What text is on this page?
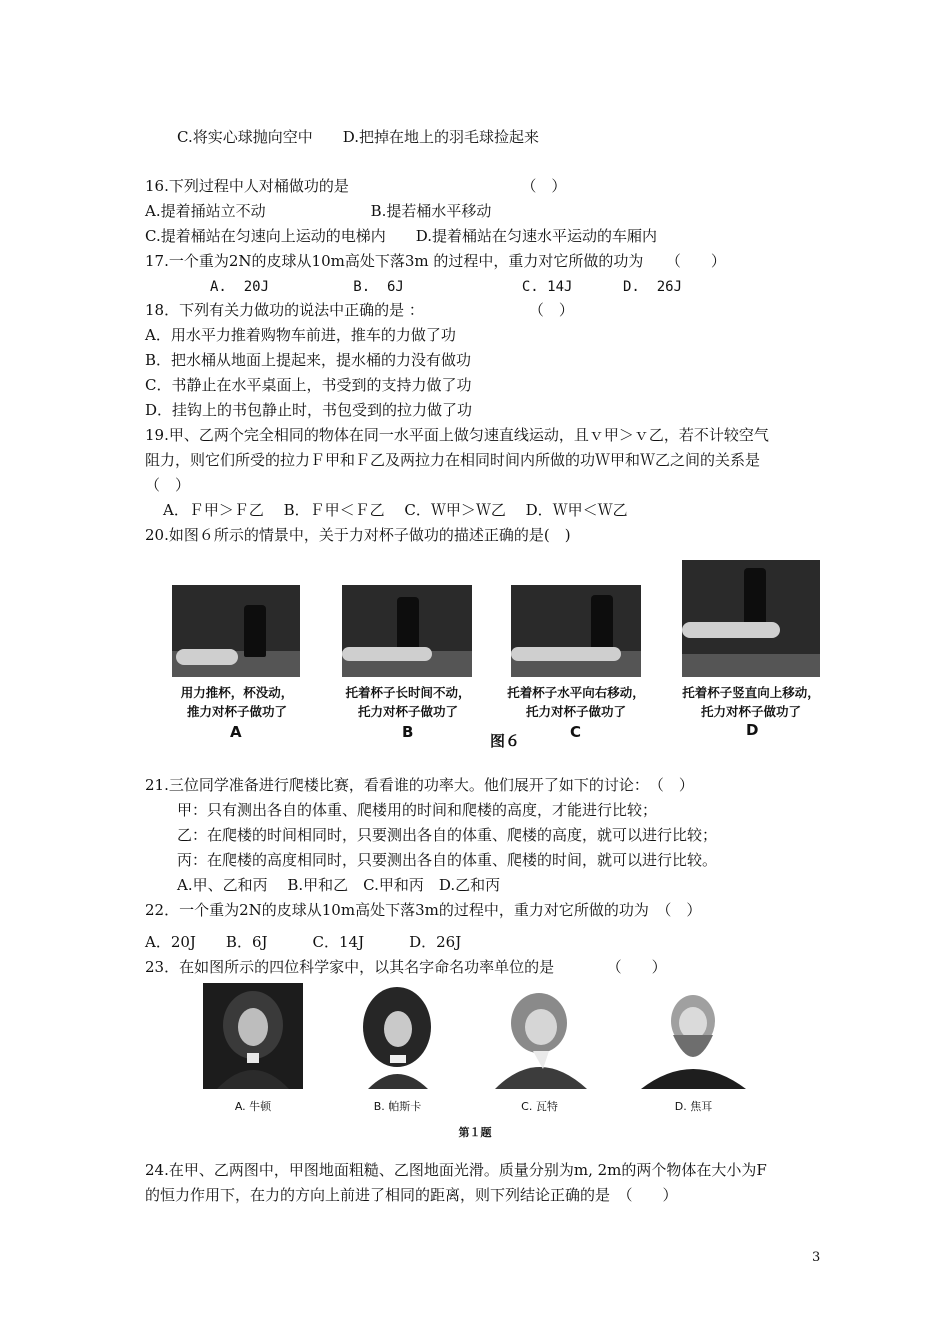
C.将实心球抛向空中　　D.把掉在地上的羽毛球捡起来
16.下列过程中人对桶做功的是　　　　　　　　　　　　（　）
A.提着捅站立不动　　　　　　　B.提若桶水平移动
C.提着桶站在匀速向上运动的电梯内　　D.提着桶站在匀速水平运动的车厢内
17.一个重为2N的皮球从10m高处下落3m 的过程中，重力对它所做的功为　　（　　）
A.  20J          B.  6J              C. 14J      D.  26J
18．下列有关力做功的说法中正确的是 ：　　　　　　　　（　）
A．用水平力推着购物车前进，推车的力做了功
B．把水桶从地面上提起来，提水桶的力没有做功
C．书静止在水平桌面上，书受到的支持力做了功
D．挂钩上的书包静止时，书包受到的拉力做了功
19.甲、乙两个完全相同的物体在同一水平面上做匀速直线运动，且ｖ甲＞ｖ乙，若不计较空气
阻力，则它们所受的拉力Ｆ甲和Ｆ乙及两拉力在相同时间内所做的功Ｗ甲和Ｗ乙之间的关系是
（　）
A．Ｆ甲＞Ｆ乙　 B．Ｆ甲＜Ｆ乙　 C．Ｗ甲＞Ｗ乙　 D．Ｗ甲＜Ｗ乙
20.如图６所示的情景中，关于力对杯子做功的描述正确的是(　)
用力推杯，杯没动，
推力对杯子做功了
A
托着杯子长时间不动，
托力对杯子做功了
B
托着杯子水平向右移动，
托力对杯子做功了
C
托着杯子竖直向上移动，
托力对杯子做功了
D
图６
21.三位同学准备进行爬楼比赛，看看谁的功率大。他们展开了如下的讨论：　（　）
甲：只有测出各自的体重、爬楼用的时间和爬楼的高度，才能进行比较；
乙：在爬楼的时间相同时，只要测出各自的体重、爬楼的高度，就可以进行比较；
丙：在爬楼的高度相同时，只要测出各自的体重、爬楼的时间，就可以进行比较。
A.甲、乙和丙　 B.甲和乙　C.甲和丙　D.乙和丙
22．一个重为2N的皮球从10m高处下落3m的过程中，重力对它所做的功为　（　）
A．20J　　B．6J　　　C．14J　　　D．26J
23．在如图所示的四位科学家中，以其名字命名功率单位的是　　　　（　　）
A. 牛顿	B. 帕斯卡	C. 瓦特	D. 焦耳
第１题
24.在甲、乙两图中，甲图地面粗糙、乙图地面光滑。质量分别为m, 2m的两个物体在大小为F
的恒力作用下，在力的方向上前进了相同的距离，则下列结论正确的是　（　　）
3
